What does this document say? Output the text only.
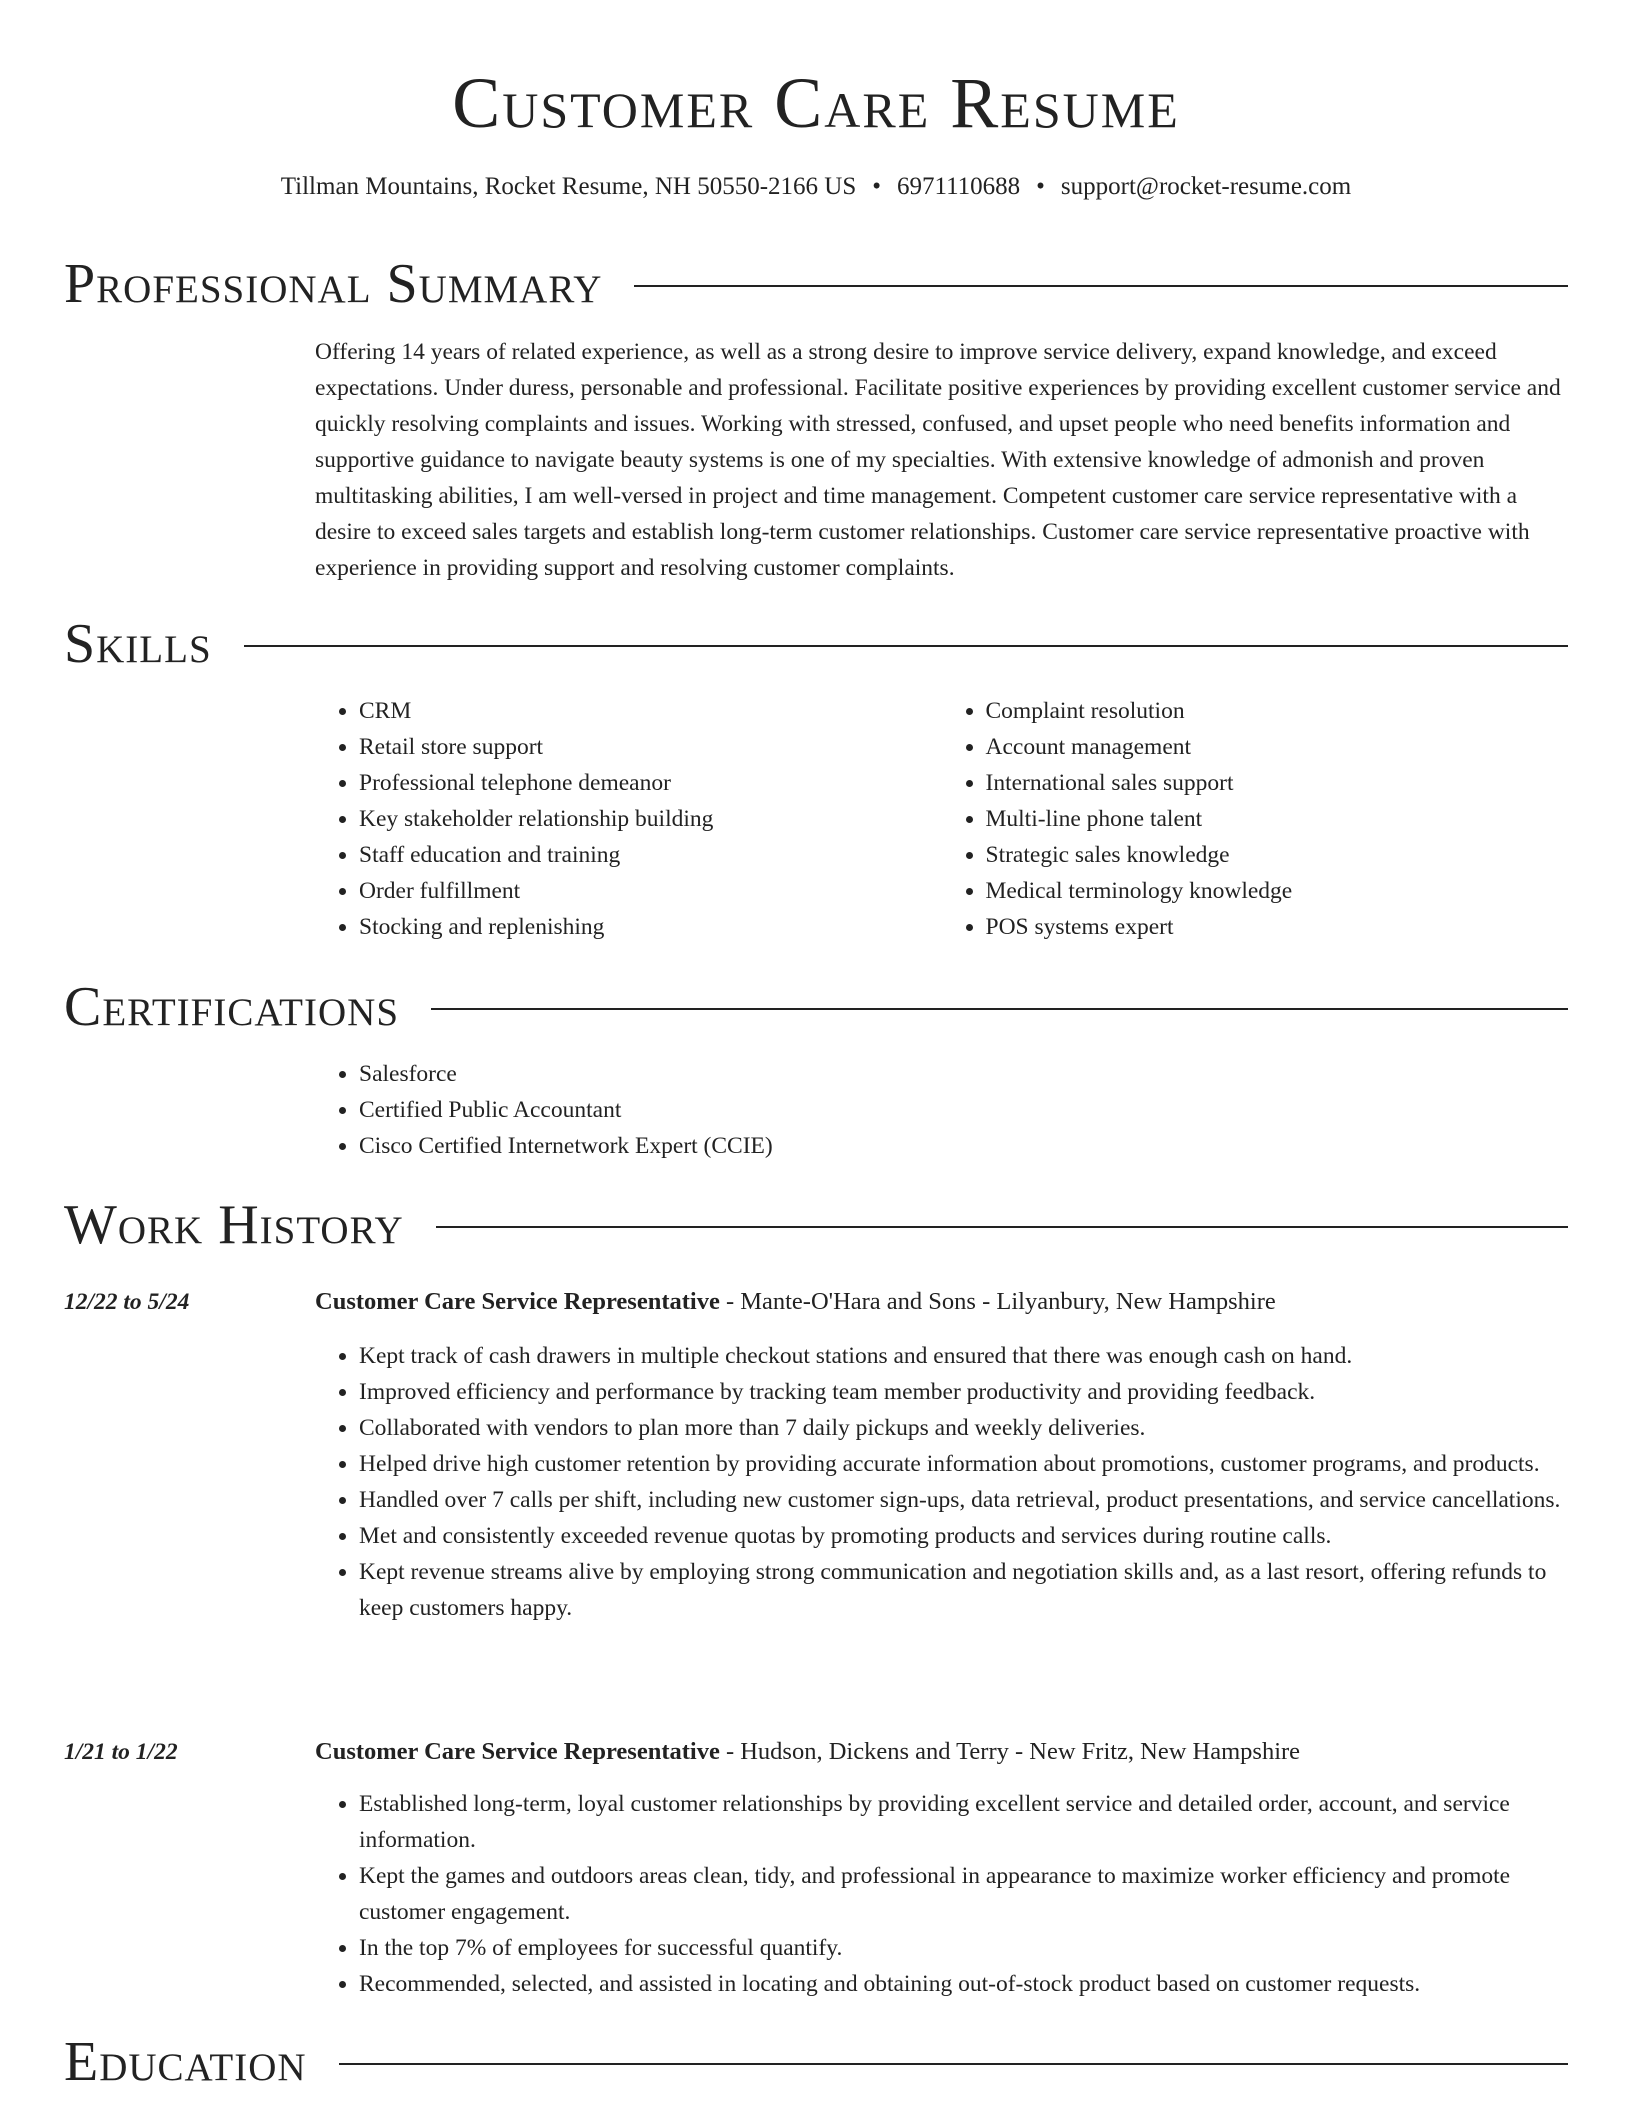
Customer Care Resume
Tillman Mountains, Rocket Resume, NH 50550-2166 US • 6971110688 • support@rocket-resume.com
Professional Summary

Offering 14 years of related experience, as well as a strong desire to improve service delivery, expand knowledge, and exceed expectations. Under duress, personable and professional. Facilitate positive experiences by providing excellent customer service and quickly resolving complaints and issues. Working with stressed, confused, and upset people who need benefits information and supportive guidance to navigate beauty systems is one of my specialties. With extensive knowledge of admonish and proven multitasking abilities, I am well-versed in project and time management. Competent customer care service representative with a desire to exceed sales targets and establish long-term customer relationships. Customer care service representative proactive with experience in providing support and resolving customer complaints.

Skills
• CRM
• Retail store support
• Professional telephone demeanor
• Key stakeholder relationship building
• Staff education and training
• Order fulfillment
• Stocking and replenishing
• Complaint resolution
• Account management
• International sales support
• Multi-line phone talent
• Strategic sales knowledge
• Medical terminology knowledge
• POS systems expert
Certifications
• Salesforce
• Certified Public Accountant
• Cisco Certified Internetwork Expert (CCIE)
Work History
12/22 to 5/24	Customer Care Service Representative - Mante-O'Hara and Sons - Lilyanbury, New Hampshire
• Kept track of cash drawers in multiple checkout stations and ensured that there was enough cash on hand.
• Improved efficiency and performance by tracking team member productivity and providing feedback.
• Collaborated with vendors to plan more than 7 daily pickups and weekly deliveries.
• Helped drive high customer retention by providing accurate information about promotions, customer programs, and products.
• Handled over 7 calls per shift, including new customer sign-ups, data retrieval, product presentations, and service cancellations.
• Met and consistently exceeded revenue quotas by promoting products and services during routine calls.
• Kept revenue streams alive by employing strong communication and negotiation skills and, as a last resort, offering refunds to keep customers happy.
1/21 to 1/22	Customer Care Service Representative - Hudson, Dickens and Terry - New Fritz, New Hampshire
• Established long-term, loyal customer relationships by providing excellent service and detailed order, account, and service information.
• Kept the games and outdoors areas clean, tidy, and professional in appearance to maximize worker efficiency and promote customer engagement.
• In the top 7% of employees for successful quantify.
• Recommended, selected, and assisted in locating and obtaining out-of-stock product based on customer requests.
Education
